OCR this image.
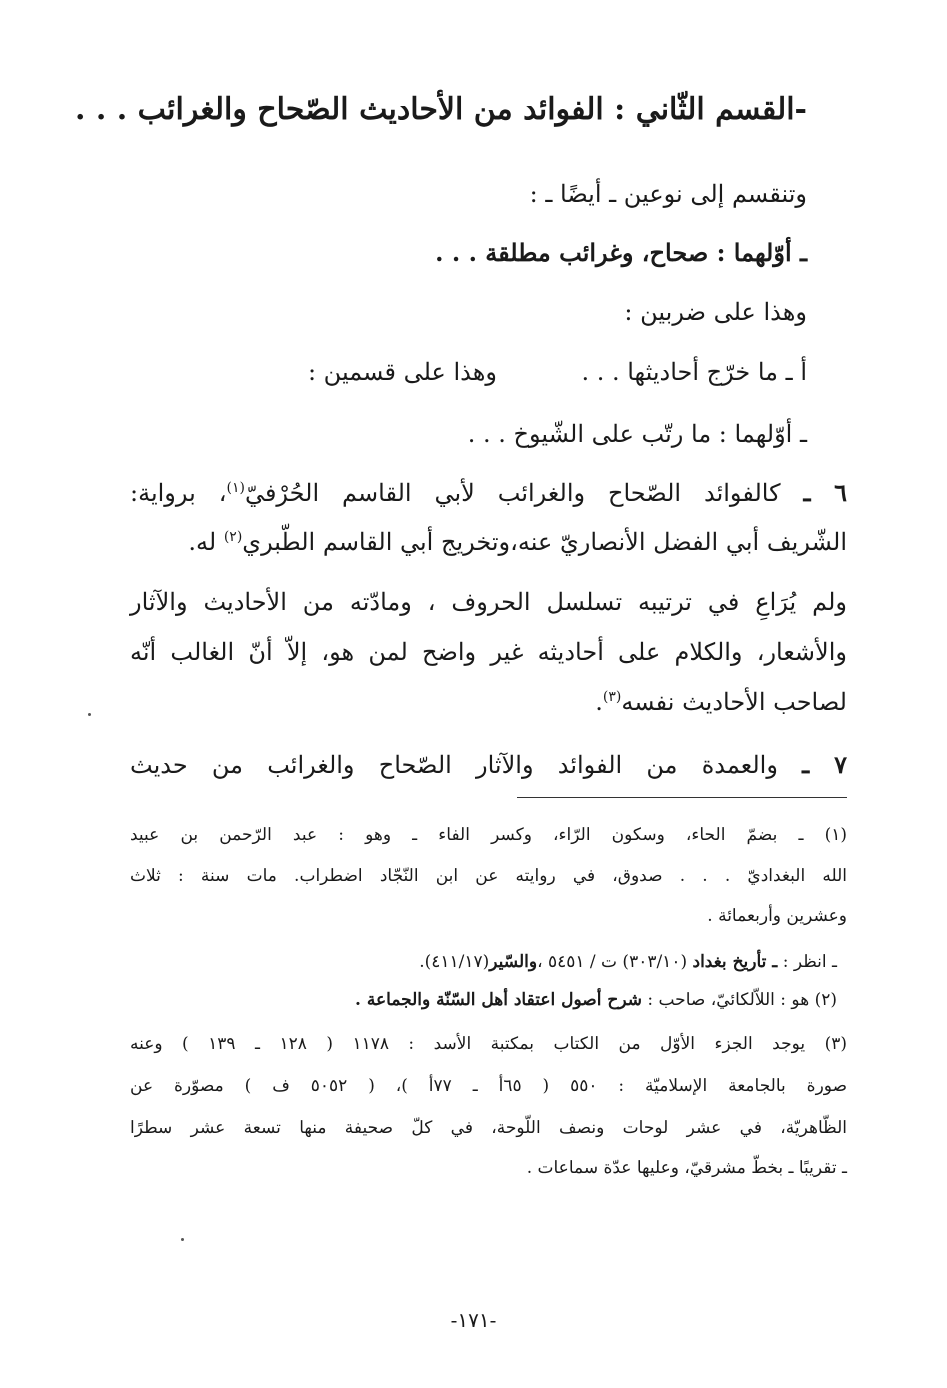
-القسم الثّاني : الفوائد من الأحاديث الصّحاح والغرائب . . .
وتنقسم إلى نوعين ـ أيضًا ـ :
ـ أوّلهما : صحاح، وغرائب مطلقة . . .
وهذا على ضربين :
أ ـ ما خرّج أحاديثها . . .
وهذا على قسمين :
ـ أوّلهما : ما رتّب على الشّيوخ . . .
٦ ـ كالفوائد الصّحاح والغرائب لأبي القاسم الحُرْفيّ$^{(١)}$، برواية:
الشّريف أبي الفضل الأنصاريّ عنه،وتخريج أبي القاسم الطّبري$^{(٢)}$ له.
ولم يُرَاعِ في ترتيبه تسلسل الحروف ، ومادّته من الأحاديث والآثار
والأشعار، والكلام على أحاديثه غير واضح لمن هو، إلاّ أنّ الغالب أنّه
لصاحب الأحاديث نفسه$^{(٣)}$.
٧ ـ والعمدة من الفوائد والآثار الصّحاح والغرائب من حديث
(١) ـ بضمّ الحاء، وسكون الرّاء، وكسر الفاء ـ وهو : عبد الرّحمن بن عبيد
الله البغداديّ . . . صدوق، في روايته عن ابن النّجّاد اضطراب. مات سنة : ثلاث
وعشرين وأربعمائة .
ـ انظر : ـ تأريخ بغداد (٣٠٣/١٠) ت / ٥٤٥١ ،والسّير(٤١١/١٧).
(٢) هو : اللاّلكائيّ، صاحب : شرح أصول اعتقاد أهل السّنّة والجماعة .
(٣) يوجد الجزء الأوّل من الكتاب بمكتبة الأسد : ١١٧٨ ( ١٢٨ ـ ١٣٩ ) وعنه
صورة بالجامعة الإسلاميّة : ٥٥٠ ( ٦٥أ ـ ٧٧أ )، ( ٥٠٥٢ ف ) مصوّرة عن
الظّاهريّة، في عشر لوحات ونصف اللّوحة، في كلّ صحيفة منها تسعة عشر سطرًا
ـ تقريبًا ـ بخطّ مشرقيّ، وعليها عدّة سماعات .
-١٧١-
